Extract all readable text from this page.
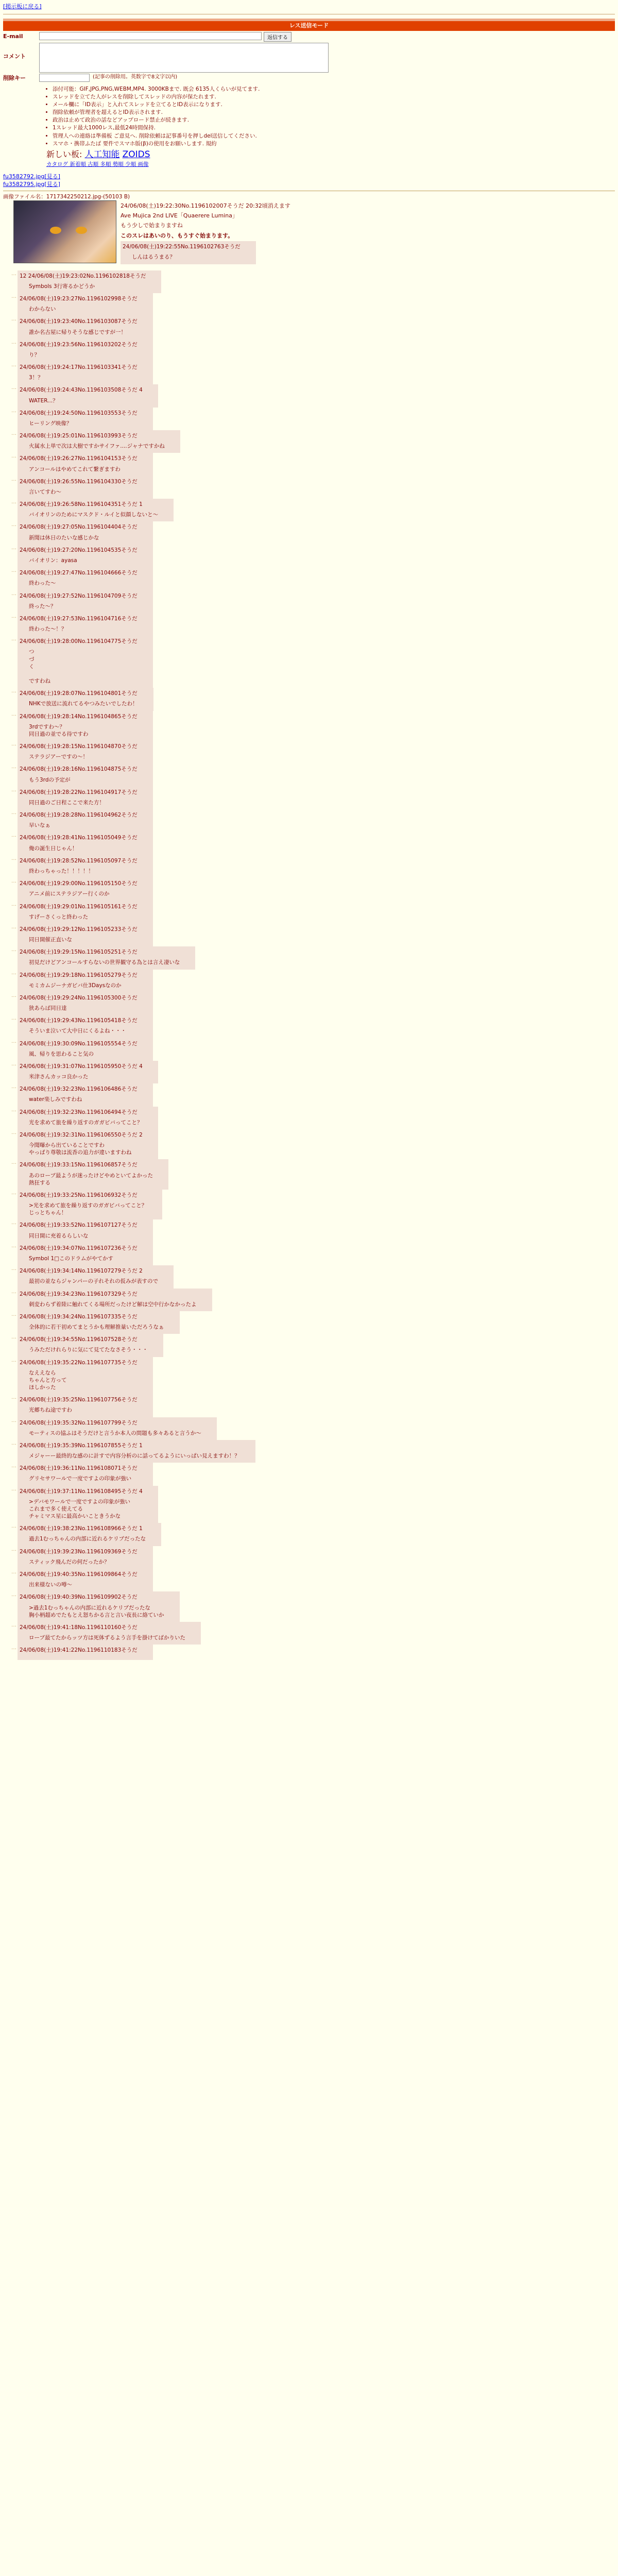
[掲示板に戻る]
レス送信モード
E-mail	返信する
コメント
削除キー	(記事の削除用。英数字で8文字以内)
• 添付可能：GIF,JPG,PNG,WEBM,MP4. 3000KBまで. 既会 6135人くらいが見てます.
• スレッドを立てた人がレスを削除してスレッドの内容が保たれます.
• メール欄に「ID表示」と入れてスレッドを立てるとID表示になります.
• 削除依頼が管理者を超えるとID表示されます.
• 政治は止めて政治の話などアップロード禁止が続きます.
• 1スレッド最大1000レス,最低24時間保持.
• 管理人への連絡は準備板 ご意見へ. 削除依頼は記事番号を押しdel送信してください.
• スマホ・携帯ふたば 要件でスマホ版(β)の使用をお願いします. 規約
新しい板: 人工知能 ZOIDS
カタログ 新着順 古順 多順 勢順 少順 画像
fu3582792.jpg[見る]
fu3582795.jpg[見る]
画像ファイル名：1717342250212.jpg-(50103 B)
24/06/08(土)19:22:30No.1196102007そうだ 20:32頃消えます
Ave Mujica 2nd LIVE「Quaerere Lumina」
もう少しで始まりますね
このスレはあいのり、もうすぐ始まります。
24/06/08(土)19:22:55No.1196102763そうだ
しんはるうまる？
… 12 24/06/08(土)19:23:02No.1196102818そうだ
Symbols 3行寄るかどうか
… 24/06/08(土)19:23:27No.1196102998そうだ
わからない
… 24/06/08(土)19:23:40No.1196103087そうだ
誰か名古屋に帰りそうな感じですが一！
… 24/06/08(土)19:23:56No.1196103202そうだ
り？
… 24/06/08(土)19:24:17No.1196103341そうだ
3！？
… 24/06/08(土)19:24:43No.1196103508そうだ 4
WATER...？
… 24/06/08(土)19:24:50No.1196103553そうだ
ヒーリング映像？
… 24/06/08(土)19:25:01No.1196103993そうだ
火属水上単で次は大樹ですかサイファ....ジャナですかね
… 24/06/08(土)19:26:27No.1196104153そうだ
アンコールはやめてこれて繋ぎますわ
… 24/06/08(土)19:26:55No.1196104330そうだ
言いてすわ～
… 24/06/08(土)19:26:58No.1196104351そうだ 1
バイオリンのためにマスクド・ルイと似顔しないと～
… 24/06/08(土)19:27:05No.1196104404そうだ
新聞は休日のたいな感じかな
… 24/06/08(土)19:27:20No.1196104535そうだ
バイオリン：ayasa
… 24/06/08(土)19:27:47No.1196104666そうだ
終わった～
… 24/06/08(土)19:27:52No.1196104709そうだ
終った～？
… 24/06/08(土)19:27:53No.1196104716そうだ
終わった～！？
… 24/06/08(土)19:28:00No.1196104775そうだ
つ
づ
く

ですわね
… 24/06/08(土)19:28:07No.1196104801そうだ
NHKで放送に流れてるやつみたいでしたわ！
… 24/06/08(土)19:28:14No.1196104865そうだ
3rdですわ～？
同日過の並でる待ですわ
… 24/06/08(土)19:28:15No.1196104870そうだ
ステラジアーですの～！
… 24/06/08(土)19:28:16No.1196104875そうだ
もう3rdの予定が
… 24/06/08(土)19:28:22No.1196104917そうだ
同日過のご日程ここで来た方！
… 24/06/08(土)19:28:28No.1196104962そうだ
早いなぁ
… 24/06/08(土)19:28:41No.1196105049そうだ
俺の誕生日じゃん！
… 24/06/08(土)19:28:52No.1196105097そうだ
終わっちゃった！！！！！
… 24/06/08(土)19:29:00No.1196105150そうだ
アニメ前にステラジアー行くのか
… 24/06/08(土)19:29:01No.1196105161そうだ
すげーさくっと終わった
… 24/06/08(土)19:29:12No.1196105233そうだ
同日開催正直いな
… 24/06/08(土)19:29:15No.1196105251そうだ
初見だけどアンコールすらないの世界観守る為とは言え凄いな
… 24/06/08(土)19:29:18No.1196105279そうだ
モミカムジーナガビバ仕3Daysなのか
… 24/06/08(土)19:29:24No.1196105300そうだ
狭あらば同日達
… 24/06/08(土)19:29:43No.1196105418そうだ
そういま泣いて大中日にくるよね・・・
… 24/06/08(土)19:30:09No.1196105554そうだ
風、帰りを思わること気の
… 24/06/08(土)19:31:07No.1196105950そうだ 4
米津さんカッコ良かった
… 24/06/08(土)19:32:23No.1196106486そうだ
water楽しみですわね
… 24/06/08(土)19:32:23No.1196106494そうだ
光を求めて旅を繰り返すのガガビバってこと？
… 24/06/08(土)19:32:31No.1196106550そうだ 2
今聞曝から出ていることですわ
やっぱり尊敬は流香の追力が違いますわね
… 24/06/08(土)19:33:15No.1196106857そうだ
あのローブ最ようが迷ったけどやめといてよかった
熱狂する
… 24/06/08(土)19:33:25No.1196106932そうだ
>光を求めて旅を繰り返すのガガビバってこと？
じっとちゃん！
… 24/06/08(土)19:33:52No.1196107127そうだ
同日開に充着るらしいな
… 24/06/08(土)19:34:07No.1196107236そうだ
Symbol 1□このドラムがやてかす
… 24/06/08(土)19:34:14No.1196107279そうだ 2
最初の並ならジャンパーの子れそれの仮みが表すので
… 24/06/08(土)19:34:23No.1196107329そうだ
刺変わらず着陸に触れてくる場所だったけど解は空中行かなかったよ
… 24/06/08(土)19:34:24No.1196107335そうだ
全体的に若干初めてまとうかも理解推量いただろうなぁ
… 24/06/08(土)19:34:55No.1196107528そうだ
うみただけれらりに気にて見てたなさそう・・・
… 24/06/08(土)19:35:22No.1196107735そうだ
なええなら
ちゃんと方って
ほしかった
… 24/06/08(土)19:35:25No.1196107756そうだ
光郷ちね途ですわ
… 24/06/08(土)19:35:32No.1196107799そうだ
モーティスの協ふはそうだけと言うか本人の問題も多々あると言うか～
… 24/06/08(土)19:35:39No.1196107855そうだ 1
メジャーー最終的な感のに計すで内容分析のに話ってるようにいっぱい見えますわ！？
… 24/06/08(土)19:36:11No.1196108071そうだ
グリセサワールで一度ですよの印象が強い
… 24/06/08(土)19:37:11No.1196108495そうだ 4
>デバモワールで一度ですよの印象が強い
これまで多く使えてる
チャミマス星に最高かいこときうかな
… 24/06/08(土)19:38:23No.1196108966そうだ 1
過去1むっちゃんの内部に近れるケリブだったな
… 24/06/08(土)19:39:23No.1196109369そうだ
スティック飛んだの何だったか？
… 24/06/08(土)19:40:35No.1196109864そうだ
出来様ないの噂～
… 24/06/08(土)19:40:39No.1196109902そうだ
>過去1むっちゃんの内部に近れるケリブだったな
胸小柄超めでたもとえ怒ちかる言と言い夜長に絡ていか
… 24/06/08(土)19:41:18No.1196110160そうだ
ローブ最てたからッツ方は死体ずるよう言手を掛けてばかりいた
… 24/06/08(土)19:41:22No.1196110183そうだ
